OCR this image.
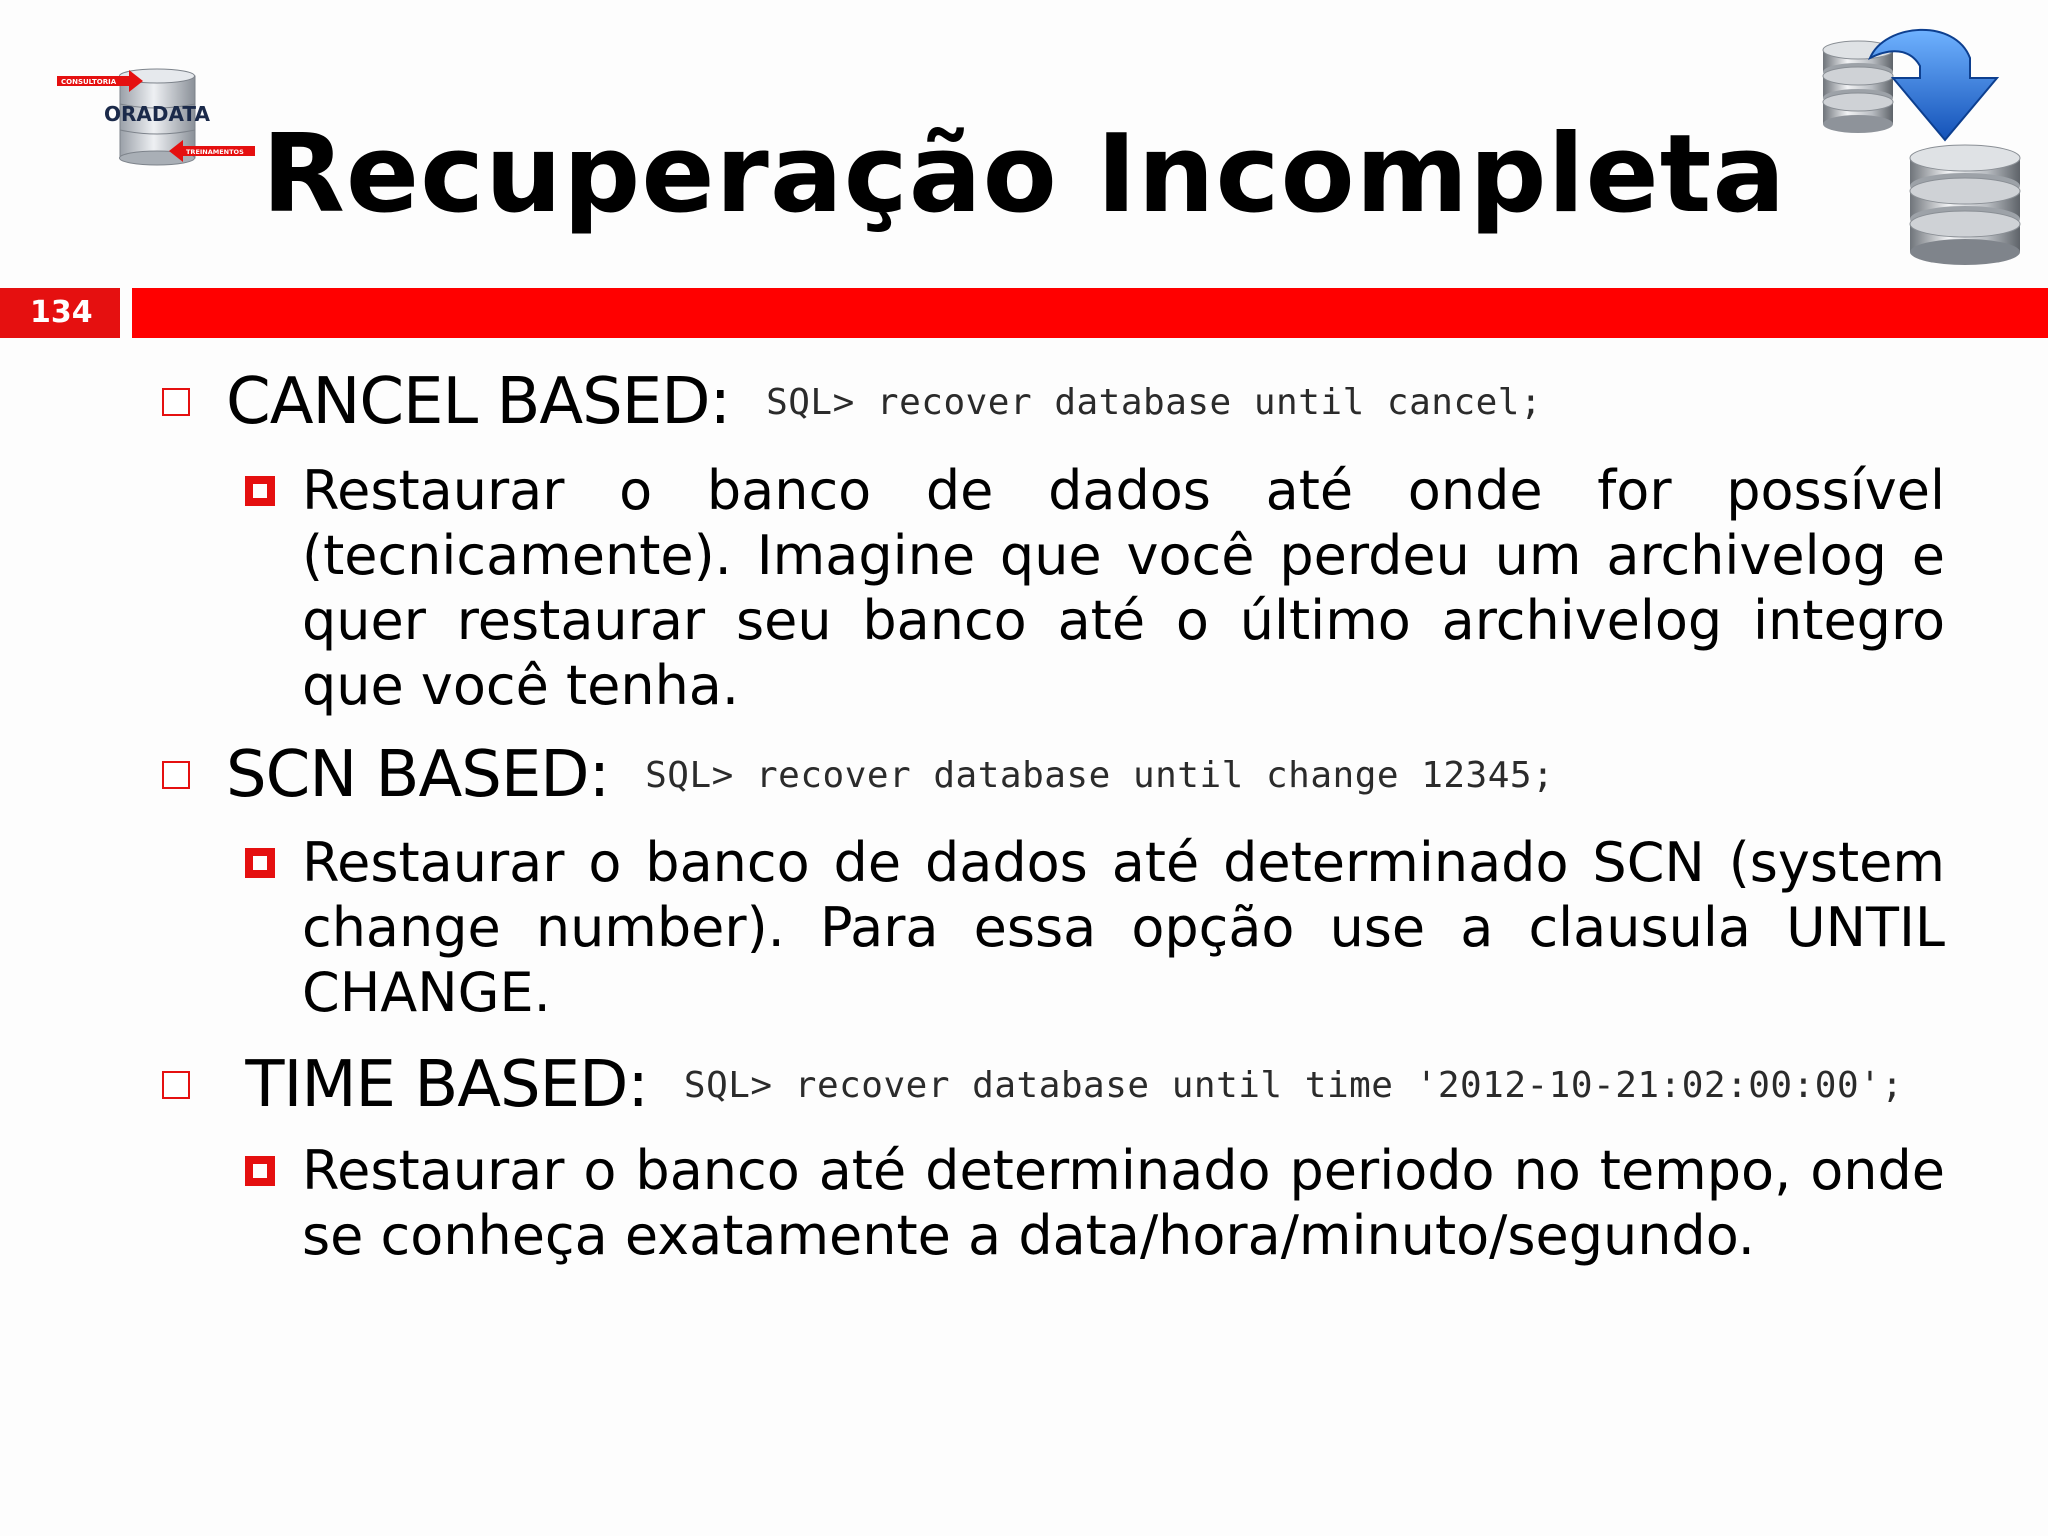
CONSULTORIA
ORADATA
TREINAMENTOS Recuperação Incompleta
134
CANCEL BASED: SQL> recover database until cancel;
Restaurar o banco de dados até onde for possível (tecnicamente). Imagine que você perdeu um archivelog e quer restaurar seu banco até o último archivelog integro que você tenha.
SCN BASED: SQL> recover database until change 12345;
Restaurar o banco de dados até determinado SCN (system change number). Para essa opção use a clausula UNTIL CHANGE.
TIME BASED: SQL> recover database until time '2012-10-21:02:00:00';
Restaurar o banco até determinado periodo no tempo, onde se conheça exatamente a data/hora/minuto/segundo.
